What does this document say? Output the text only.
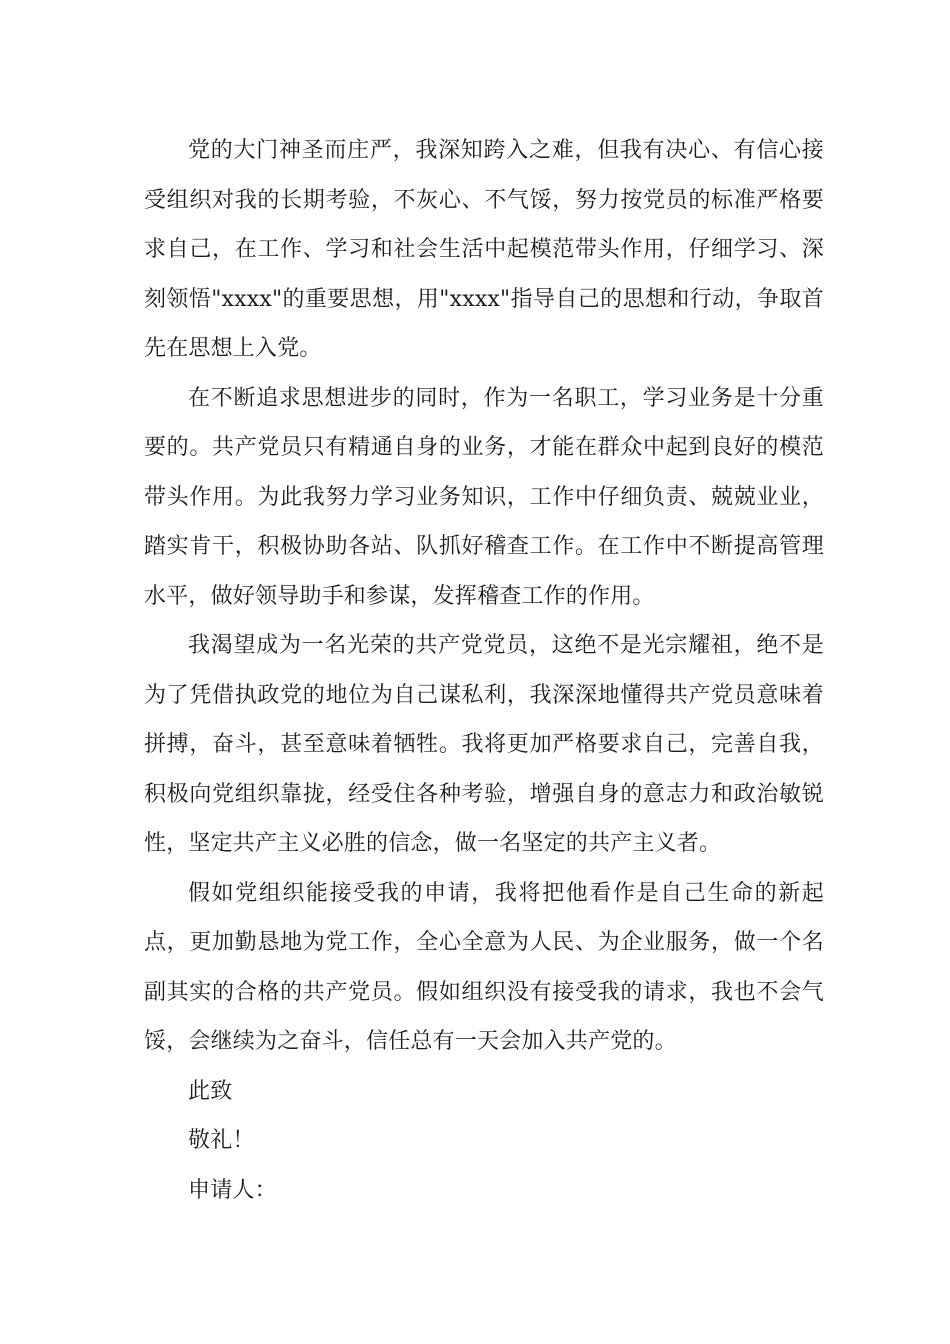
党的大门神圣而庄严，我深知跨入之难，但我有决心、有信心接受组织对我的长期考验，不灰心、不气馁，努力按党员的标准严格要求自己，在工作、学习和社会生活中起模范带头作用，仔细学习、深刻领悟"xxxx"的重要思想，用"xxxx"指导自己的思想和行动，争取首先在思想上入党。

在不断追求思想进步的同时，作为一名职工，学习业务是十分重要的。共产党员只有精通自身的业务，才能在群众中起到良好的模范带头作用。为此我努力学习业务知识，工作中仔细负责、兢兢业业，踏实肯干，积极协助各站、队抓好稽查工作。在工作中不断提高管理水平，做好领导助手和参谋，发挥稽查工作的作用。

我渴望成为一名光荣的共产党党员，这绝不是光宗耀祖，绝不是为了凭借执政党的地位为自己谋私利，我深深地懂得共产党员意味着拼搏，奋斗，甚至意味着牺牲。我将更加严格要求自己，完善自我，积极向党组织靠拢，经受住各种考验，增强自身的意志力和政治敏锐性，坚定共产主义必胜的信念，做一名坚定的共产主义者。

假如党组织能接受我的申请，我将把他看作是自己生命的新起点，更加勤恳地为党工作，全心全意为人民、为企业服务，做一个名副其实的合格的共产党员。假如组织没有接受我的请求，我也不会气馁，会继续为之奋斗，信任总有一天会加入共产党的。

此致

敬礼！

申请人：
